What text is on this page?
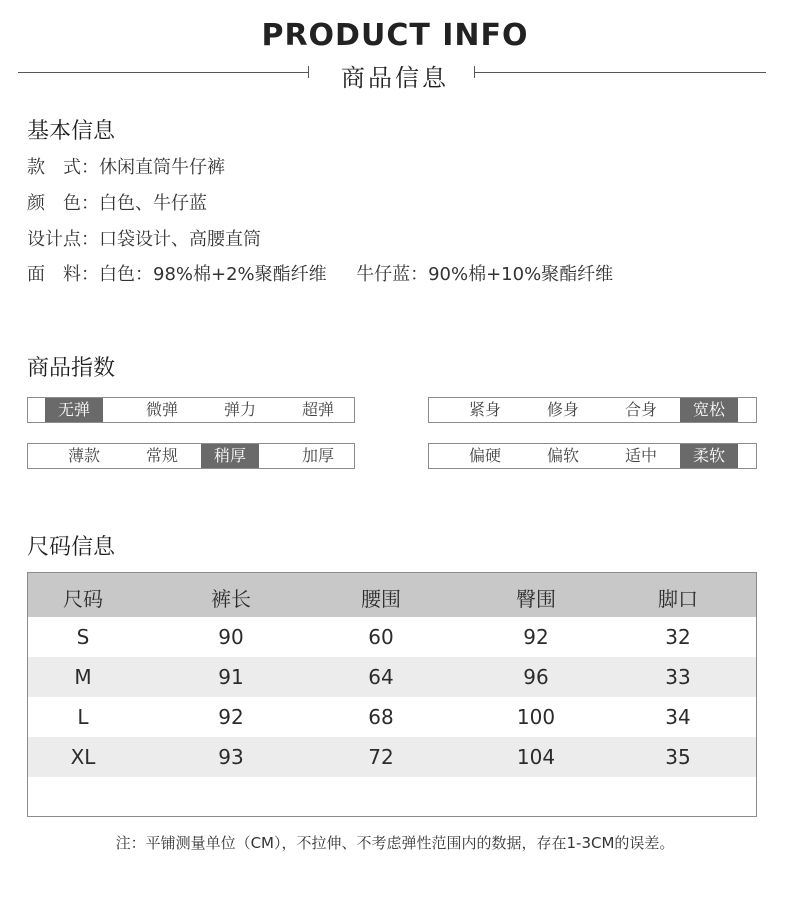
PRODUCT INFO
商品信息
基本信息
款　式：休闲直筒牛仔裤
颜　色：白色、牛仔蓝
设计点：口袋设计、高腰直筒
面　料：白色：98%棉+2%聚酯纤维　  牛仔蓝：90%棉+10%聚酯纤维
商品指数
无弹	微弹	弹力	超弹	紧身	修身	合身	宽松
薄款	常规	稍厚	加厚	偏硬	偏软	适中	柔软
尺码信息
尺码	裤长	腰围	臀围	脚口
S	90	60	92	32
M	91	64	96	33
L	92	68	100	34
XL	93	72	104	35
注：平铺测量单位（CM），不拉伸、不考虑弹性范围内的数据，存在1-3CM的误差。
